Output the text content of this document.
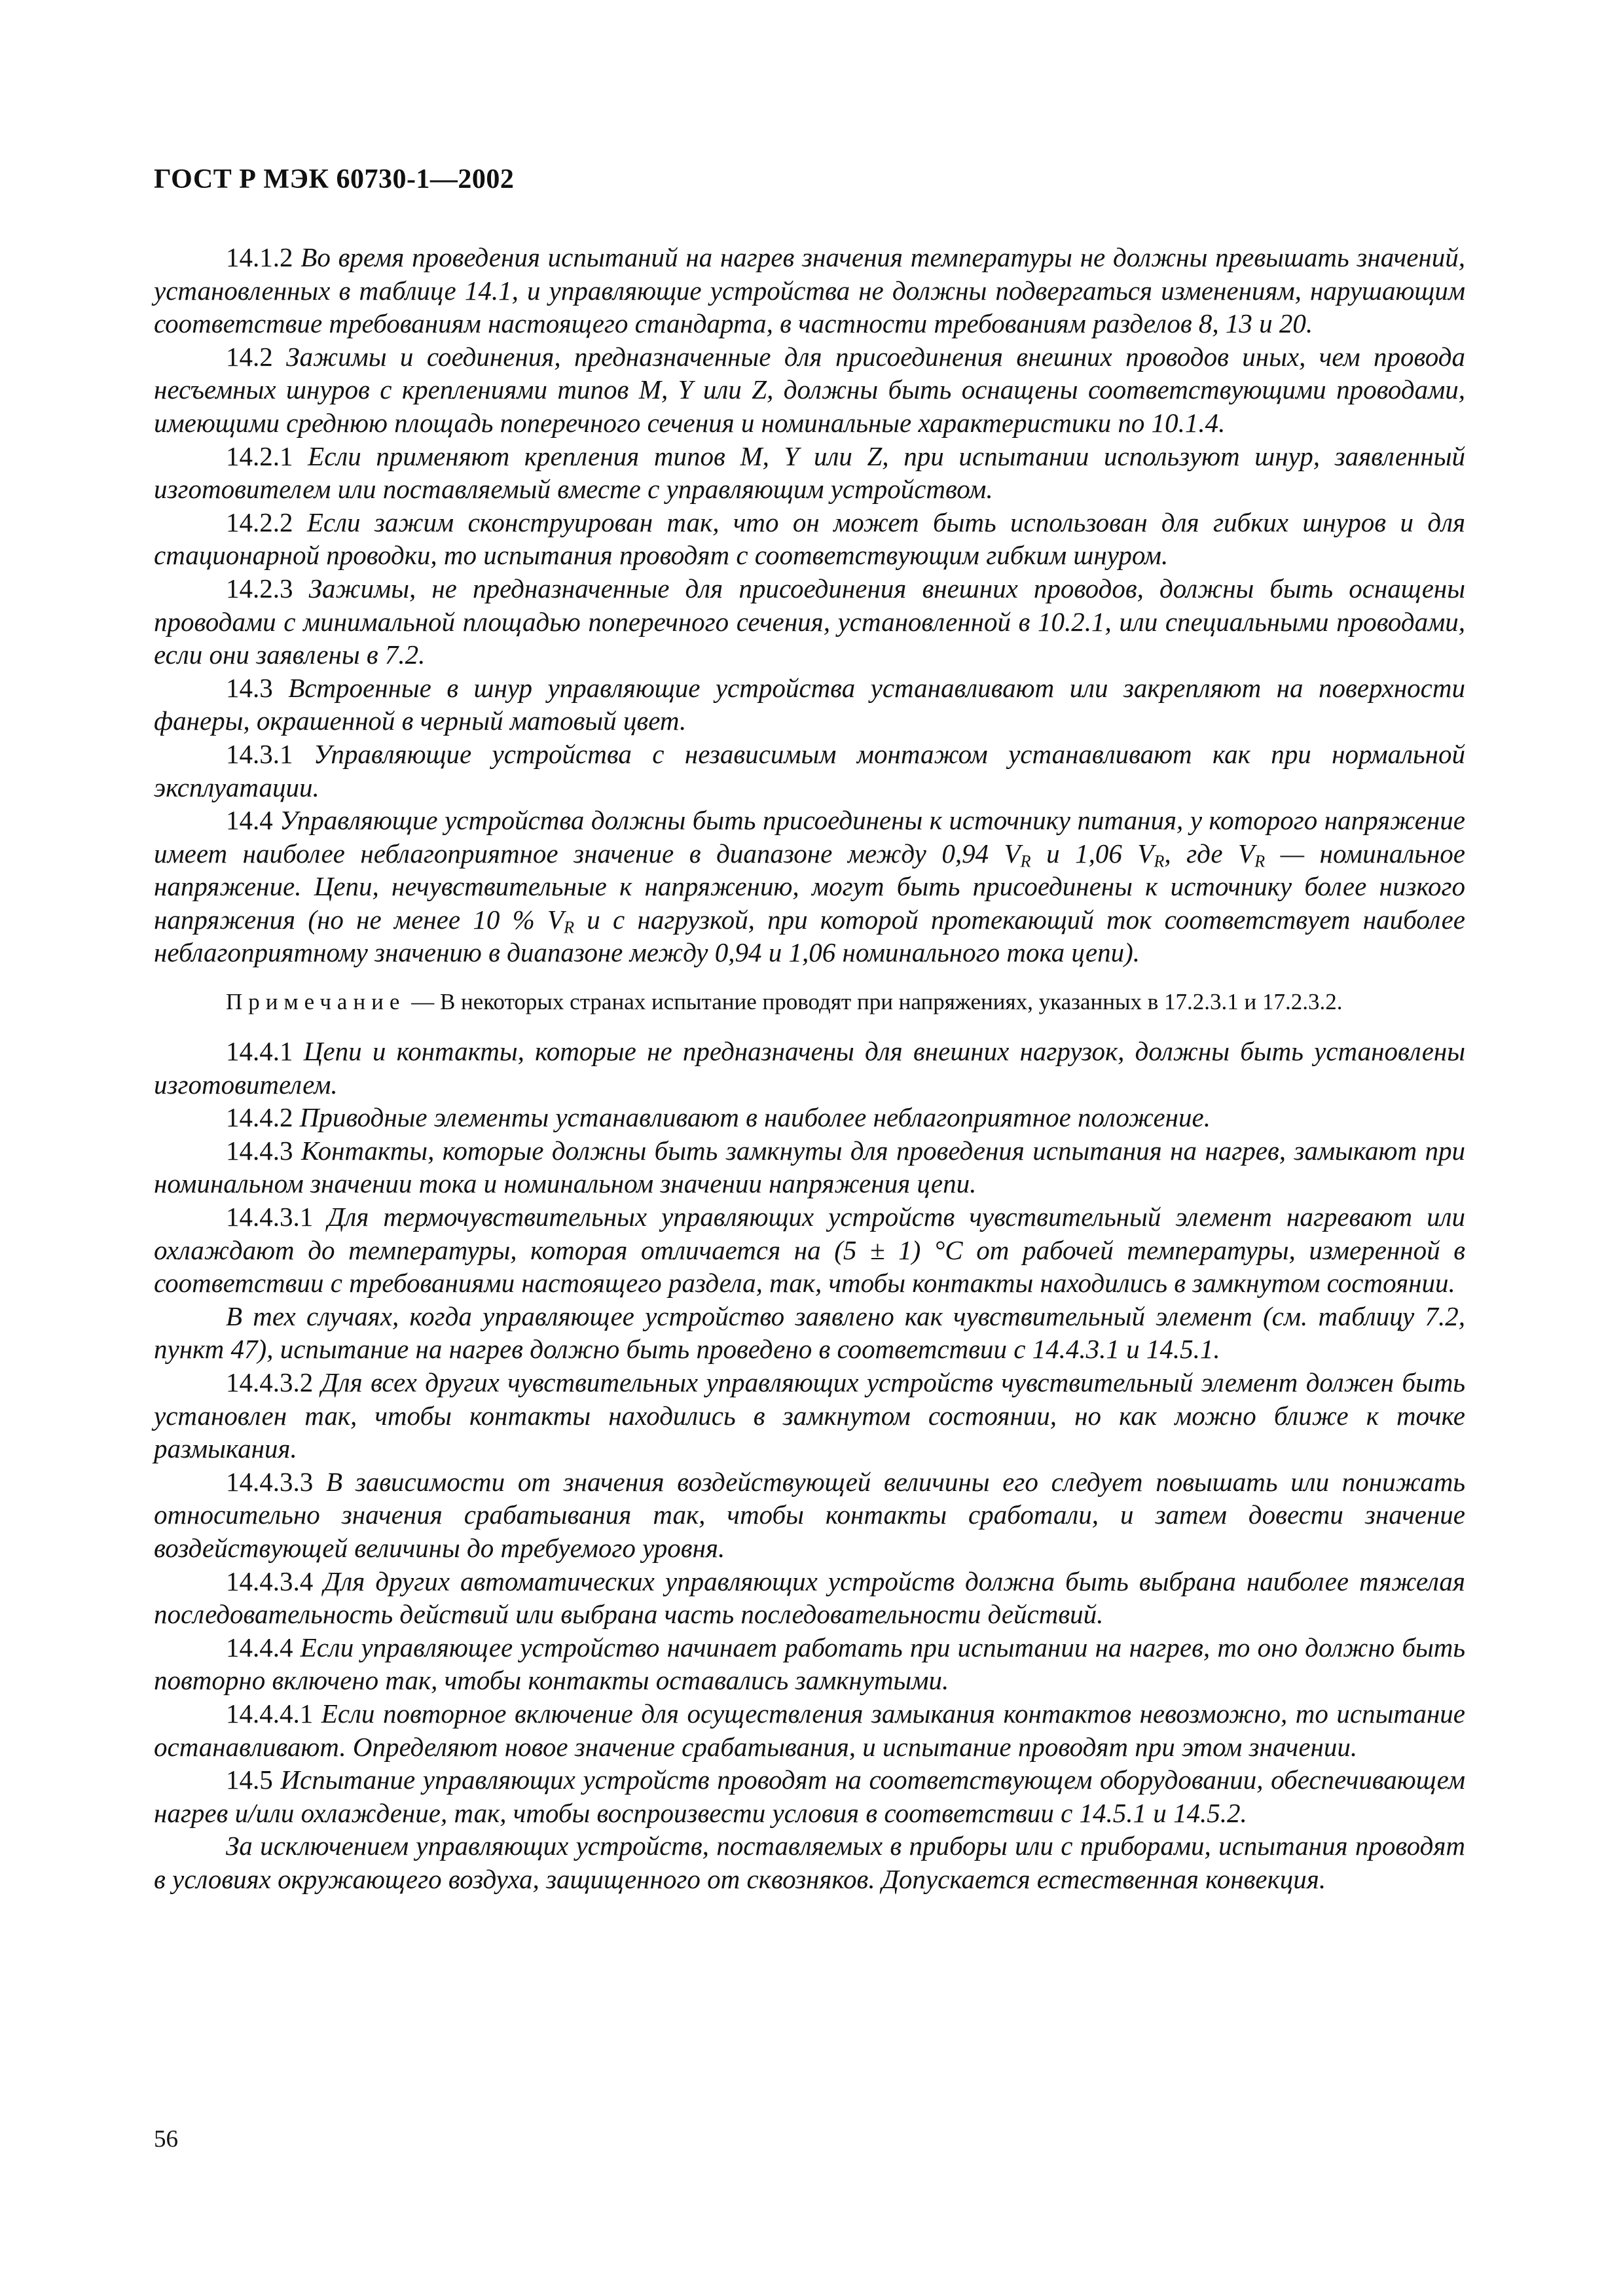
ГОСТ Р МЭК 60730-1—2002

14.1.2 Во время проведения испытаний на нагрев значения температуры не должны превышать значений, установленных в таблице 14.1, и управляющие устройства не должны подвергаться изменениям, нарушающим соответствие требованиям настоящего стандарта, в частности требованиям разделов 8, 13 и 20.

14.2 Зажимы и соединения, предназначенные для присоединения внешних проводов иных, чем провода несъемных шнуров с креплениями типов М, Y или Z, должны быть оснащены соответствующими проводами, имеющими среднюю площадь поперечного сечения и номинальные характеристики по 10.1.4.

14.2.1 Если применяют крепления типов М, Y или Z, при испытании используют шнур, заявленный изготовителем или поставляемый вместе с управляющим устройством.

14.2.2 Если зажим сконструирован так, что он может быть использован для гибких шнуров и для стационарной проводки, то испытания проводят с соответствующим гибким шнуром.

14.2.3 Зажимы, не предназначенные для присоединения внешних проводов, должны быть оснащены проводами с минимальной площадью поперечного сечения, установленной в 10.2.1, или специальными проводами, если они заявлены в 7.2.

14.3 Встроенные в шнур управляющие устройства устанавливают или закрепляют на поверхности фанеры, окрашенной в черный матовый цвет.

14.3.1 Управляющие устройства с независимым монтажом устанавливают как при нормальной эксплуатации.

14.4 Управляющие устройства должны быть присоединены к источнику питания, у которого напряжение имеет наиболее неблагоприятное значение в диапазоне между 0,94 $V_R$ и 1,06 $V_R$, где $V_R$ — номинальное напряжение. Цепи, нечувствительные к напряжению, могут быть присоединены к источнику более низкого напряжения (но не менее 10 % $V_R$ и с нагрузкой, при которой протекающий ток соответствует наиболее неблагоприятному значению в диапазоне между 0,94 и 1,06 номинального тока цепи).

Примечание — В некоторых странах испытание проводят при напряжениях, указанных в 17.2.3.1 и 17.2.3.2.

14.4.1 Цепи и контакты, которые не предназначены для внешних нагрузок, должны быть установлены изготовителем.

14.4.2 Приводные элементы устанавливают в наиболее неблагоприятное положение.

14.4.3 Контакты, которые должны быть замкнуты для проведения испытания на нагрев, замыкают при номинальном значении тока и номинальном значении напряжения цепи.

14.4.3.1 Для термочувствительных управляющих устройств чувствительный элемент нагревают или охлаждают до температуры, которая отличается на (5 ± 1) °С от рабочей температуры, измеренной в соответствии с требованиями настоящего раздела, так, чтобы контакты находились в замкнутом состоянии.

В тех случаях, когда управляющее устройство заявлено как чувствительный элемент (см. таблицу 7.2, пункт 47), испытание на нагрев должно быть проведено в соответствии с 14.4.3.1 и 14.5.1.

14.4.3.2 Для всех других чувствительных управляющих устройств чувствительный элемент должен быть установлен так, чтобы контакты находились в замкнутом состоянии, но как можно ближе к точке размыкания.

14.4.3.3 В зависимости от значения воздействующей величины его следует повышать или понижать относительно значения срабатывания так, чтобы контакты сработали, и затем довести значение воздействующей величины до требуемого уровня.

14.4.3.4 Для других автоматических управляющих устройств должна быть выбрана наиболее тяжелая последовательность действий или выбрана часть последовательности действий.

14.4.4 Если управляющее устройство начинает работать при испытании на нагрев, то оно должно быть повторно включено так, чтобы контакты оставались замкнутыми.

14.4.4.1 Если повторное включение для осуществления замыкания контактов невозможно, то испытание останавливают. Определяют новое значение срабатывания, и испытание проводят при этом значении.

14.5 Испытание управляющих устройств проводят на соответствующем оборудовании, обеспечивающем нагрев и/или охлаждение, так, чтобы воспроизвести условия в соответствии с 14.5.1 и 14.5.2.

За исключением управляющих устройств, поставляемых в приборы или с приборами, испытания проводят в условиях окружающего воздуха, защищенного от сквозняков. Допускается естественная конвекция.

56
